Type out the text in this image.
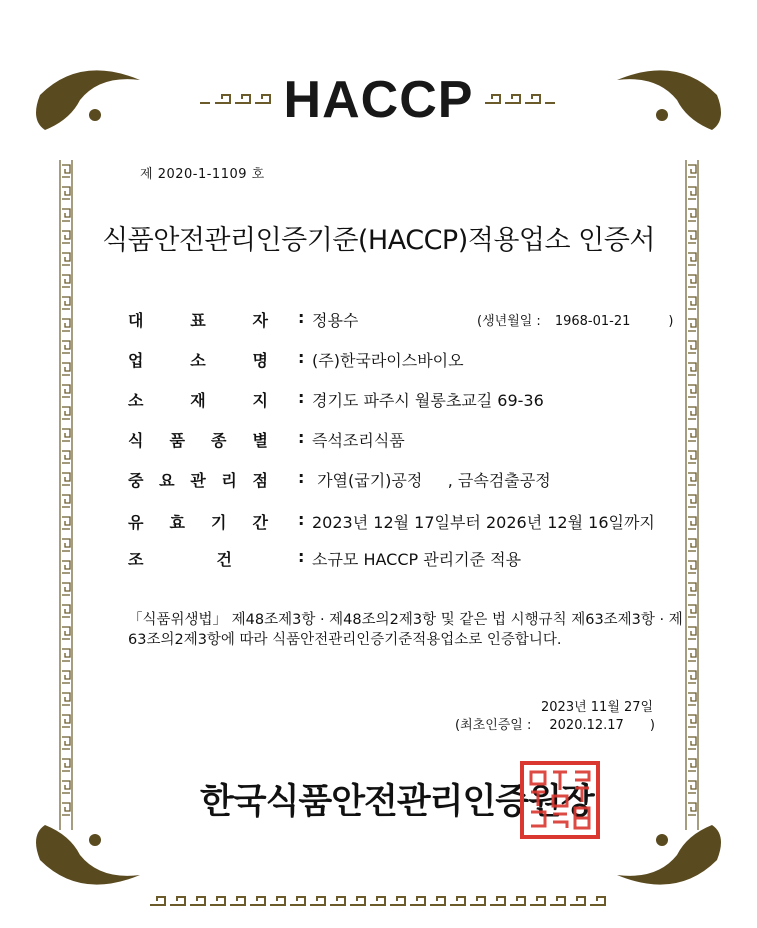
HACCP
제 2020-1-1109 호
식품안전관리인증기준(HACCP)적용업소 인증서
대	표	자 : 정용수
업	소	명 : (주)한국라이스바이오
소	재	지 : 경기도 파주시 월롱초교길 69-36
식 품 종 별 : 즉석조리식품
중 요 관 리 점 : 가열(굽기)공정     , 금속검출공정
유 효 기 간 : 2023년 12월 17일부터 2026년 12월 16일까지
조	건	: 소규모 HACCP 관리기준 적용
(생년월일 : 1968-01-21	)
「식품위생법」 제48조제3항 · 제48조의2제3항 및 같은 법 시행규칙 제63조제3항 · 제63조의2제3항에 따라 식품안전관리인증기준적용업소로 인증합니다.
2023년 11월 27일
(최초인증일 : 2020.12.17 )
한국식품안전관리인증원장
